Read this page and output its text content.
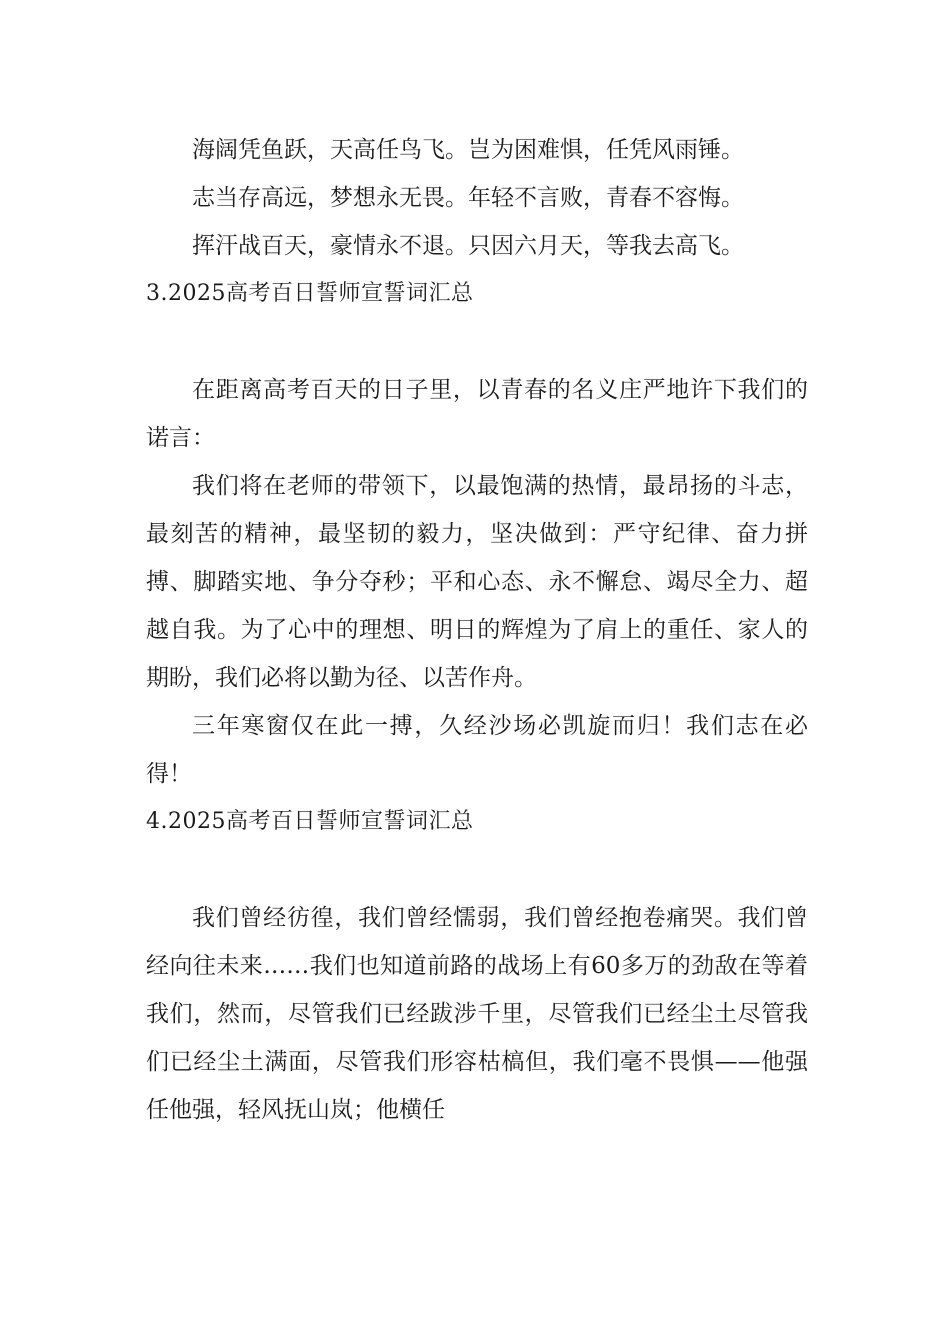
海阔凭鱼跃，天高任鸟飞。岂为困难惧，任凭风雨锤。

志当存高远，梦想永无畏。年轻不言败，青春不容悔。

挥汗战百天，豪情永不退。只因六月天，等我去高飞。

3.2025高考百日誓师宣誓词汇总

在距离高考百天的日子里，以青春的名义庄严地许下我们的诺言：

我们将在老师的带领下，以最饱满的热情，最昂扬的斗志，最刻苦的精神，最坚韧的毅力，坚决做到：严守纪律、奋力拼搏、脚踏实地、争分夺秒；平和心态、永不懈怠、竭尽全力、超越自我。为了心中的理想、明日的辉煌为了肩上的重任、家人的期盼，我们必将以勤为径、以苦作舟。

三年寒窗仅在此一搏，久经沙场必凯旋而归！我们志在必得！

4.2025高考百日誓师宣誓词汇总

我们曾经彷徨，我们曾经懦弱，我们曾经抱卷痛哭。我们曾经向往未来……我们也知道前路的战场上有60多万的劲敌在等着我们，然而，尽管我们已经跋涉千里，尽管我们已经尘土尽管我们已经尘土满面，尽管我们形容枯槁但，我们毫不畏惧——他强任他强，轻风抚山岚；他横任
